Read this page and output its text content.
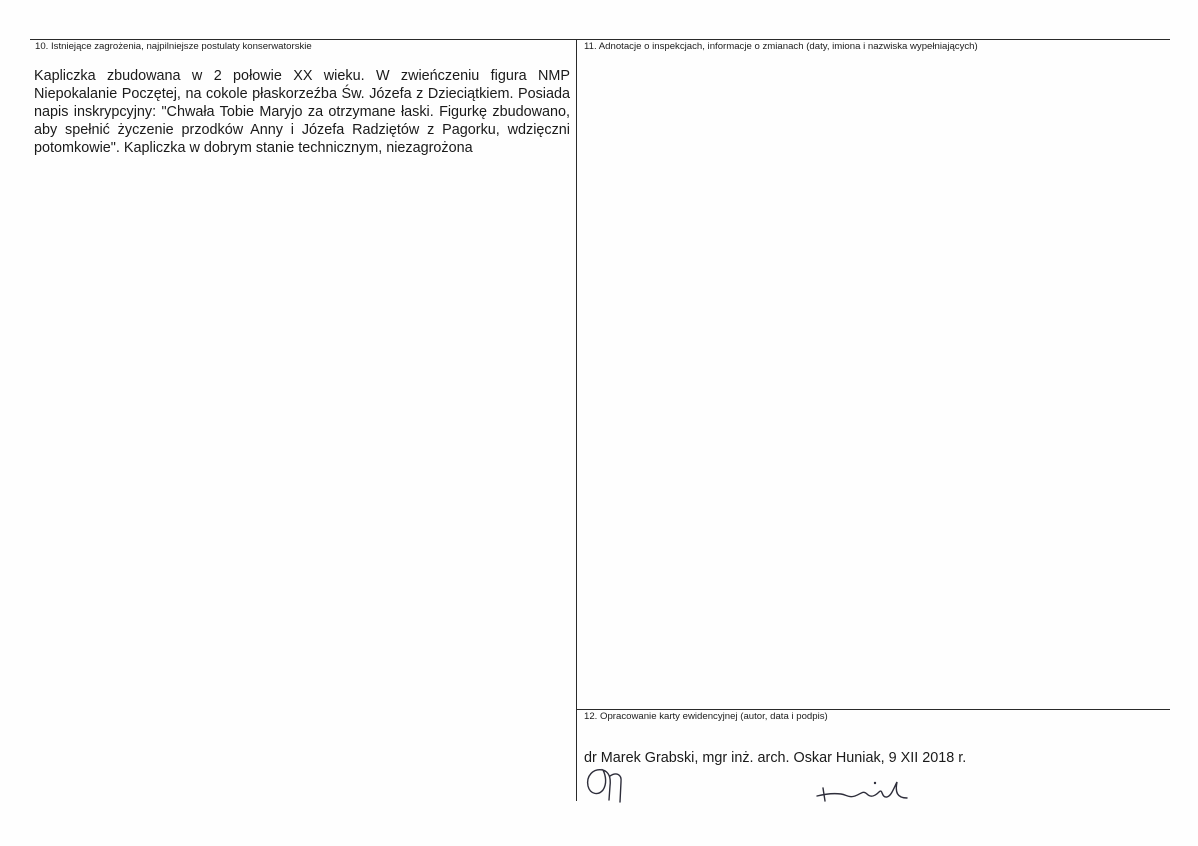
10. Istniejące zagrożenia, najpilniejsze postulaty konserwatorskie
Kapliczka zbudowana w 2 połowie XX wieku. W zwieńczeniu figura NMP Niepokalanie Poczętej, na cokole płaskorzeźba Św. Józefa z Dzieciątkiem. Posiada napis inskrypcyjny: "Chwała Tobie Maryjo za otrzymane łaski. Figurkę zbudowano, aby spełnić życzenie przodków Anny i Józefa Radziętów z Pagorku, wdzięczni potomkowie". Kapliczka w dobrym stanie technicznym, niezagrożona
11. Adnotacje o inspekcjach, informacje o zmianach (daty, imiona i nazwiska wypełniających)
12. Opracowanie karty ewidencyjnej (autor, data i podpis)
dr Marek Grabski, mgr inż. arch. Oskar Huniak, 9 XII 2018 r.
